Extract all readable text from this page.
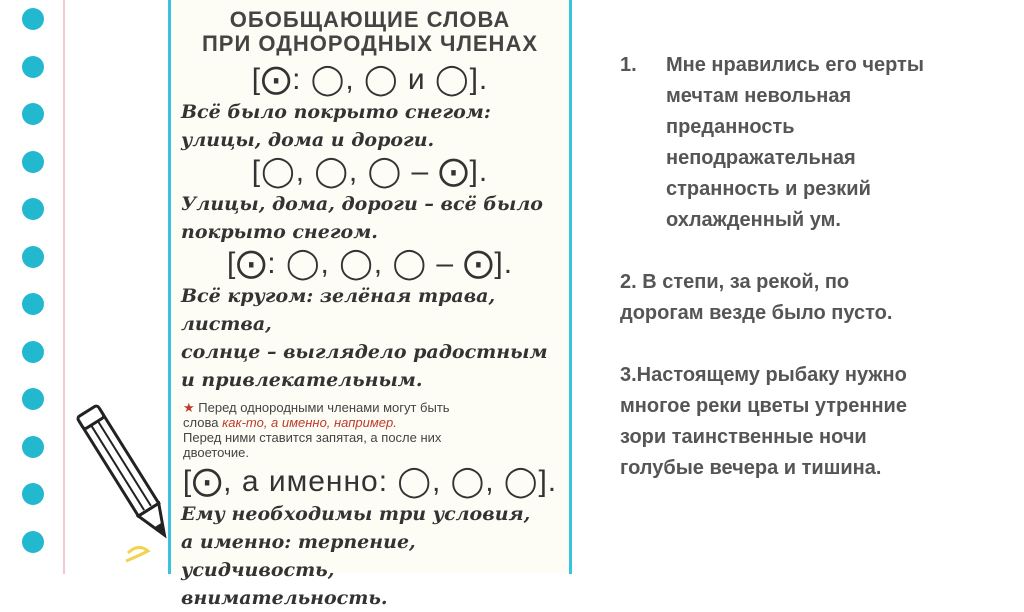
ОБОБЩАЮЩИЕ СЛОВА
ПРИ ОДНОРОДНЫХ ЧЛЕНАХ
[⨀: ◯, ◯ и ◯].
Всё было покрыто снегом:
улицы, дома и дороги.
[◯, ◯, ◯ – ⨀].
Улицы, дома, дороги – всё было
покрыто снегом.
[⨀: ◯, ◯, ◯ – ⨀].
Всё кругом: зелёная трава, листва,
солнце – выглядело радостным
и привлекательным.
★ Перед однородными членами могут быть
слова как-то, а именно, например.
Перед ними ставится запятая, а после них
двоеточие.
[⨀, а именно: ◯, ◯, ◯].
Ему необходимы три условия,
а именно: терпение, усидчивость,
внимательность.
1.	Мне нравились его черты
мечтам невольная
преданность
неподражательная
странность и резкий
охлажденный ум.
2. В степи, за рекой, по
дорогам везде было пусто.
3.Настоящему рыбаку нужно
многое реки цветы утренние
зори таинственные ночи
голубые вечера и тишина.
